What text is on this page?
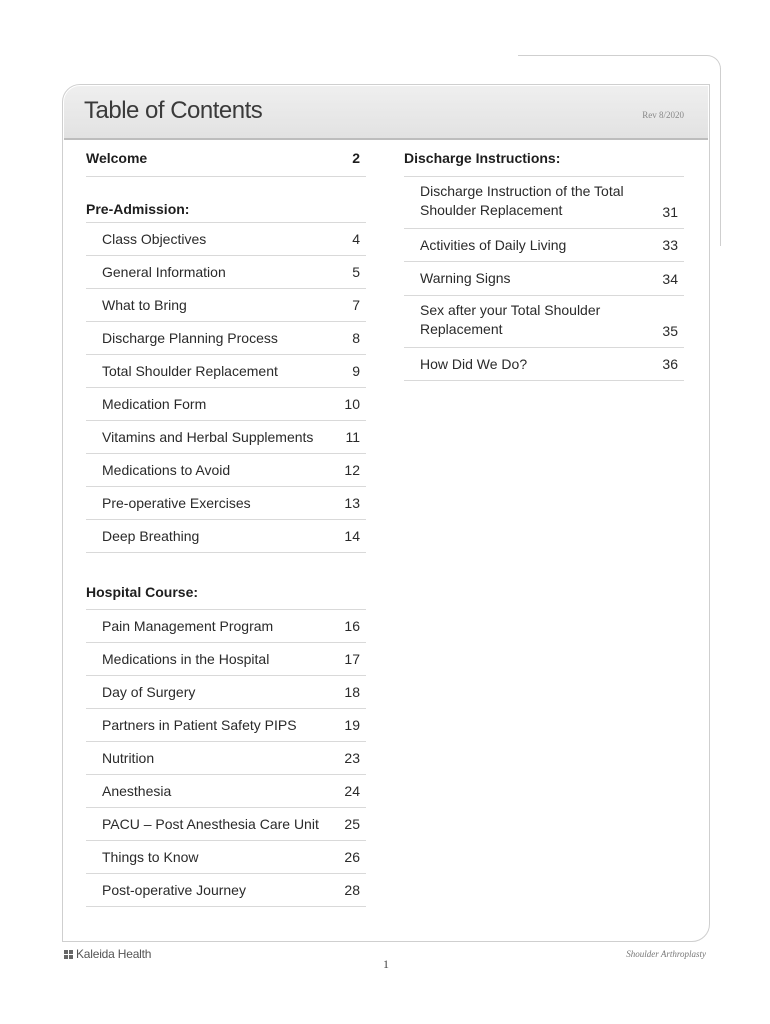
Table of Contents	Rev 8/2020
Welcome	2
Pre-Admission:
Class Objectives	4
General Information	5
What to Bring	7
Discharge Planning Process	8
Total Shoulder Replacement	9
Medication Form	10
Vitamins and Herbal Supplements	11
Medications to Avoid	12
Pre-operative Exercises	13
Deep Breathing	14
Hospital Course:
Pain Management Program	16
Medications in the Hospital	17
Day of Surgery	18
Partners in Patient Safety PIPS	19
Nutrition	23
Anesthesia	24
PACU – Post Anesthesia Care Unit	25
Things to Know	26
Post-operative Journey	28
Discharge Instructions:
Discharge Instruction of the Total Shoulder Replacement	31
Activities of Daily Living	33
Warning Signs	34
Sex after your Total Shoulder Replacement	35
How Did We Do?	36
Kaleida Health
1
Shoulder Arthroplasty
